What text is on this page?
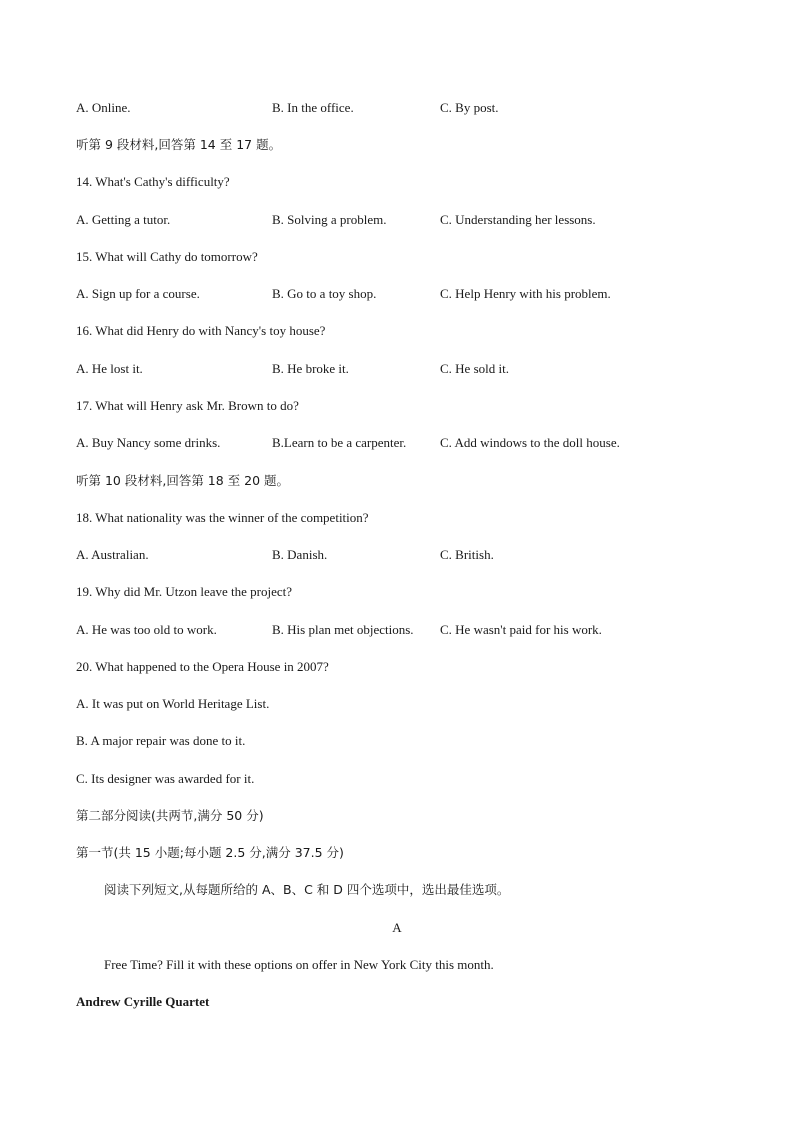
A. Online.	B. In the office.	C. By post.
听第 9 段材料,回答第 14 至 17 题。
14. What's Cathy's difficulty?
A. Getting a tutor.	B. Solving a problem.	C. Understanding her lessons.
15. What will Cathy do tomorrow?
A. Sign up for a course.	B. Go to a toy shop.	C. Help Henry with his problem.
16. What did Henry do with Nancy's toy house?
A. He lost it.	B. He broke it.	C. He sold it.
17. What will Henry ask Mr. Brown to do?
A. Buy Nancy some drinks.	B.Learn to be a carpenter.	C. Add windows to the doll house.
听第 10 段材料,回答第 18 至 20 题。
18. What nationality was the winner of the competition?
A. Australian.	B. Danish.	C. British.
19. Why did Mr. Utzon leave the project?
A. He was too old to work.	B. His plan met objections. C. He wasn't paid for his work.
20. What happened to the Opera House in 2007?
A. It was put on World Heritage List.
B. A major repair was done to it.
C. Its designer was awarded for it.
第二部分阅读(共两节,满分 50 分)
第一节(共 15 小题;每小题 2.5 分,满分 37.5 分)
阅读下列短文,从每题所给的 A、B、C 和 D 四个选项中，选出最佳选项。
A
Free Time? Fill it with these options on offer in New York City this month.
Andrew Cyrille Quartet
